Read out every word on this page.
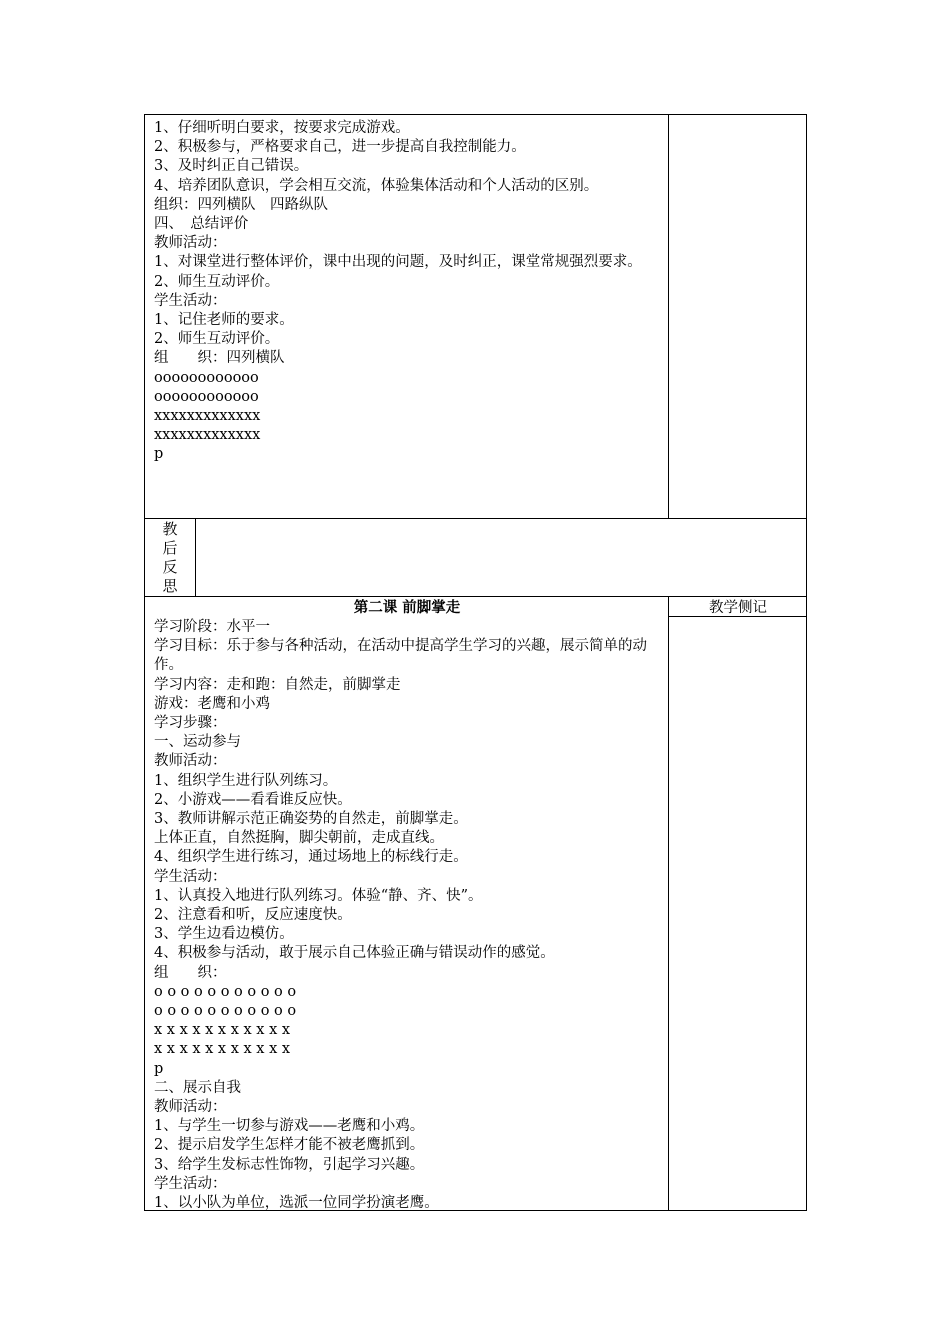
1、仔细听明白要求，按要求完成游戏。
2、积极参与，严格要求自己，进一步提高自我控制能力。
3、及时纠正自己错误。
4、培养团队意识，学会相互交流，体验集体活动和个人活动的区别。
组织：四列横队　四路纵队
四、　总结评价
教师活动：
1、对课堂进行整体评价，课中出现的问题，及时纠正，课堂常规强烈要求。
2、师生互动评价。
学生活动：
1、记住老师的要求。
2、师生互动评价。
组　　织：四列横队
oooooooooooo
oooooooooooo
xxxxxxxxxxxxx
xxxxxxxxxxxxx
p
教
后
反
思
第二课 前脚掌走	教学侧记
学习阶段：水平一
学习目标：乐于参与各种活动，在活动中提高学生学习的兴趣，展示简单的动作。
学习内容：走和跑：自然走，前脚掌走
游戏：老鹰和小鸡
学习步骤：
一、运动参与
教师活动：
1、组织学生进行队列练习。
2、小游戏——看看谁反应快。
3、教师讲解示范正确姿势的自然走，前脚掌走。
上体正直，自然挺胸，脚尖朝前，走成直线。
4、组织学生进行练习，通过场地上的标线行走。
学生活动：
1、认真投入地进行队列练习。体验“静、齐、快”。
2、注意看和听，反应速度快。
3、学生边看边模仿。
4、积极参与活动，敢于展示自己体验正确与错误动作的感觉。
组　　织：
o o o o o o o o o o o
o o o o o o o o o o o
x x x x x x x x x x x
x x x x x x x x x x x
p
二、展示自我
教师活动：
1、与学生一切参与游戏——老鹰和小鸡。
2、提示启发学生怎样才能不被老鹰抓到。
3、给学生发标志性饰物，引起学习兴趣。
学生活动：
1、以小队为单位，选派一位同学扮演老鹰。
